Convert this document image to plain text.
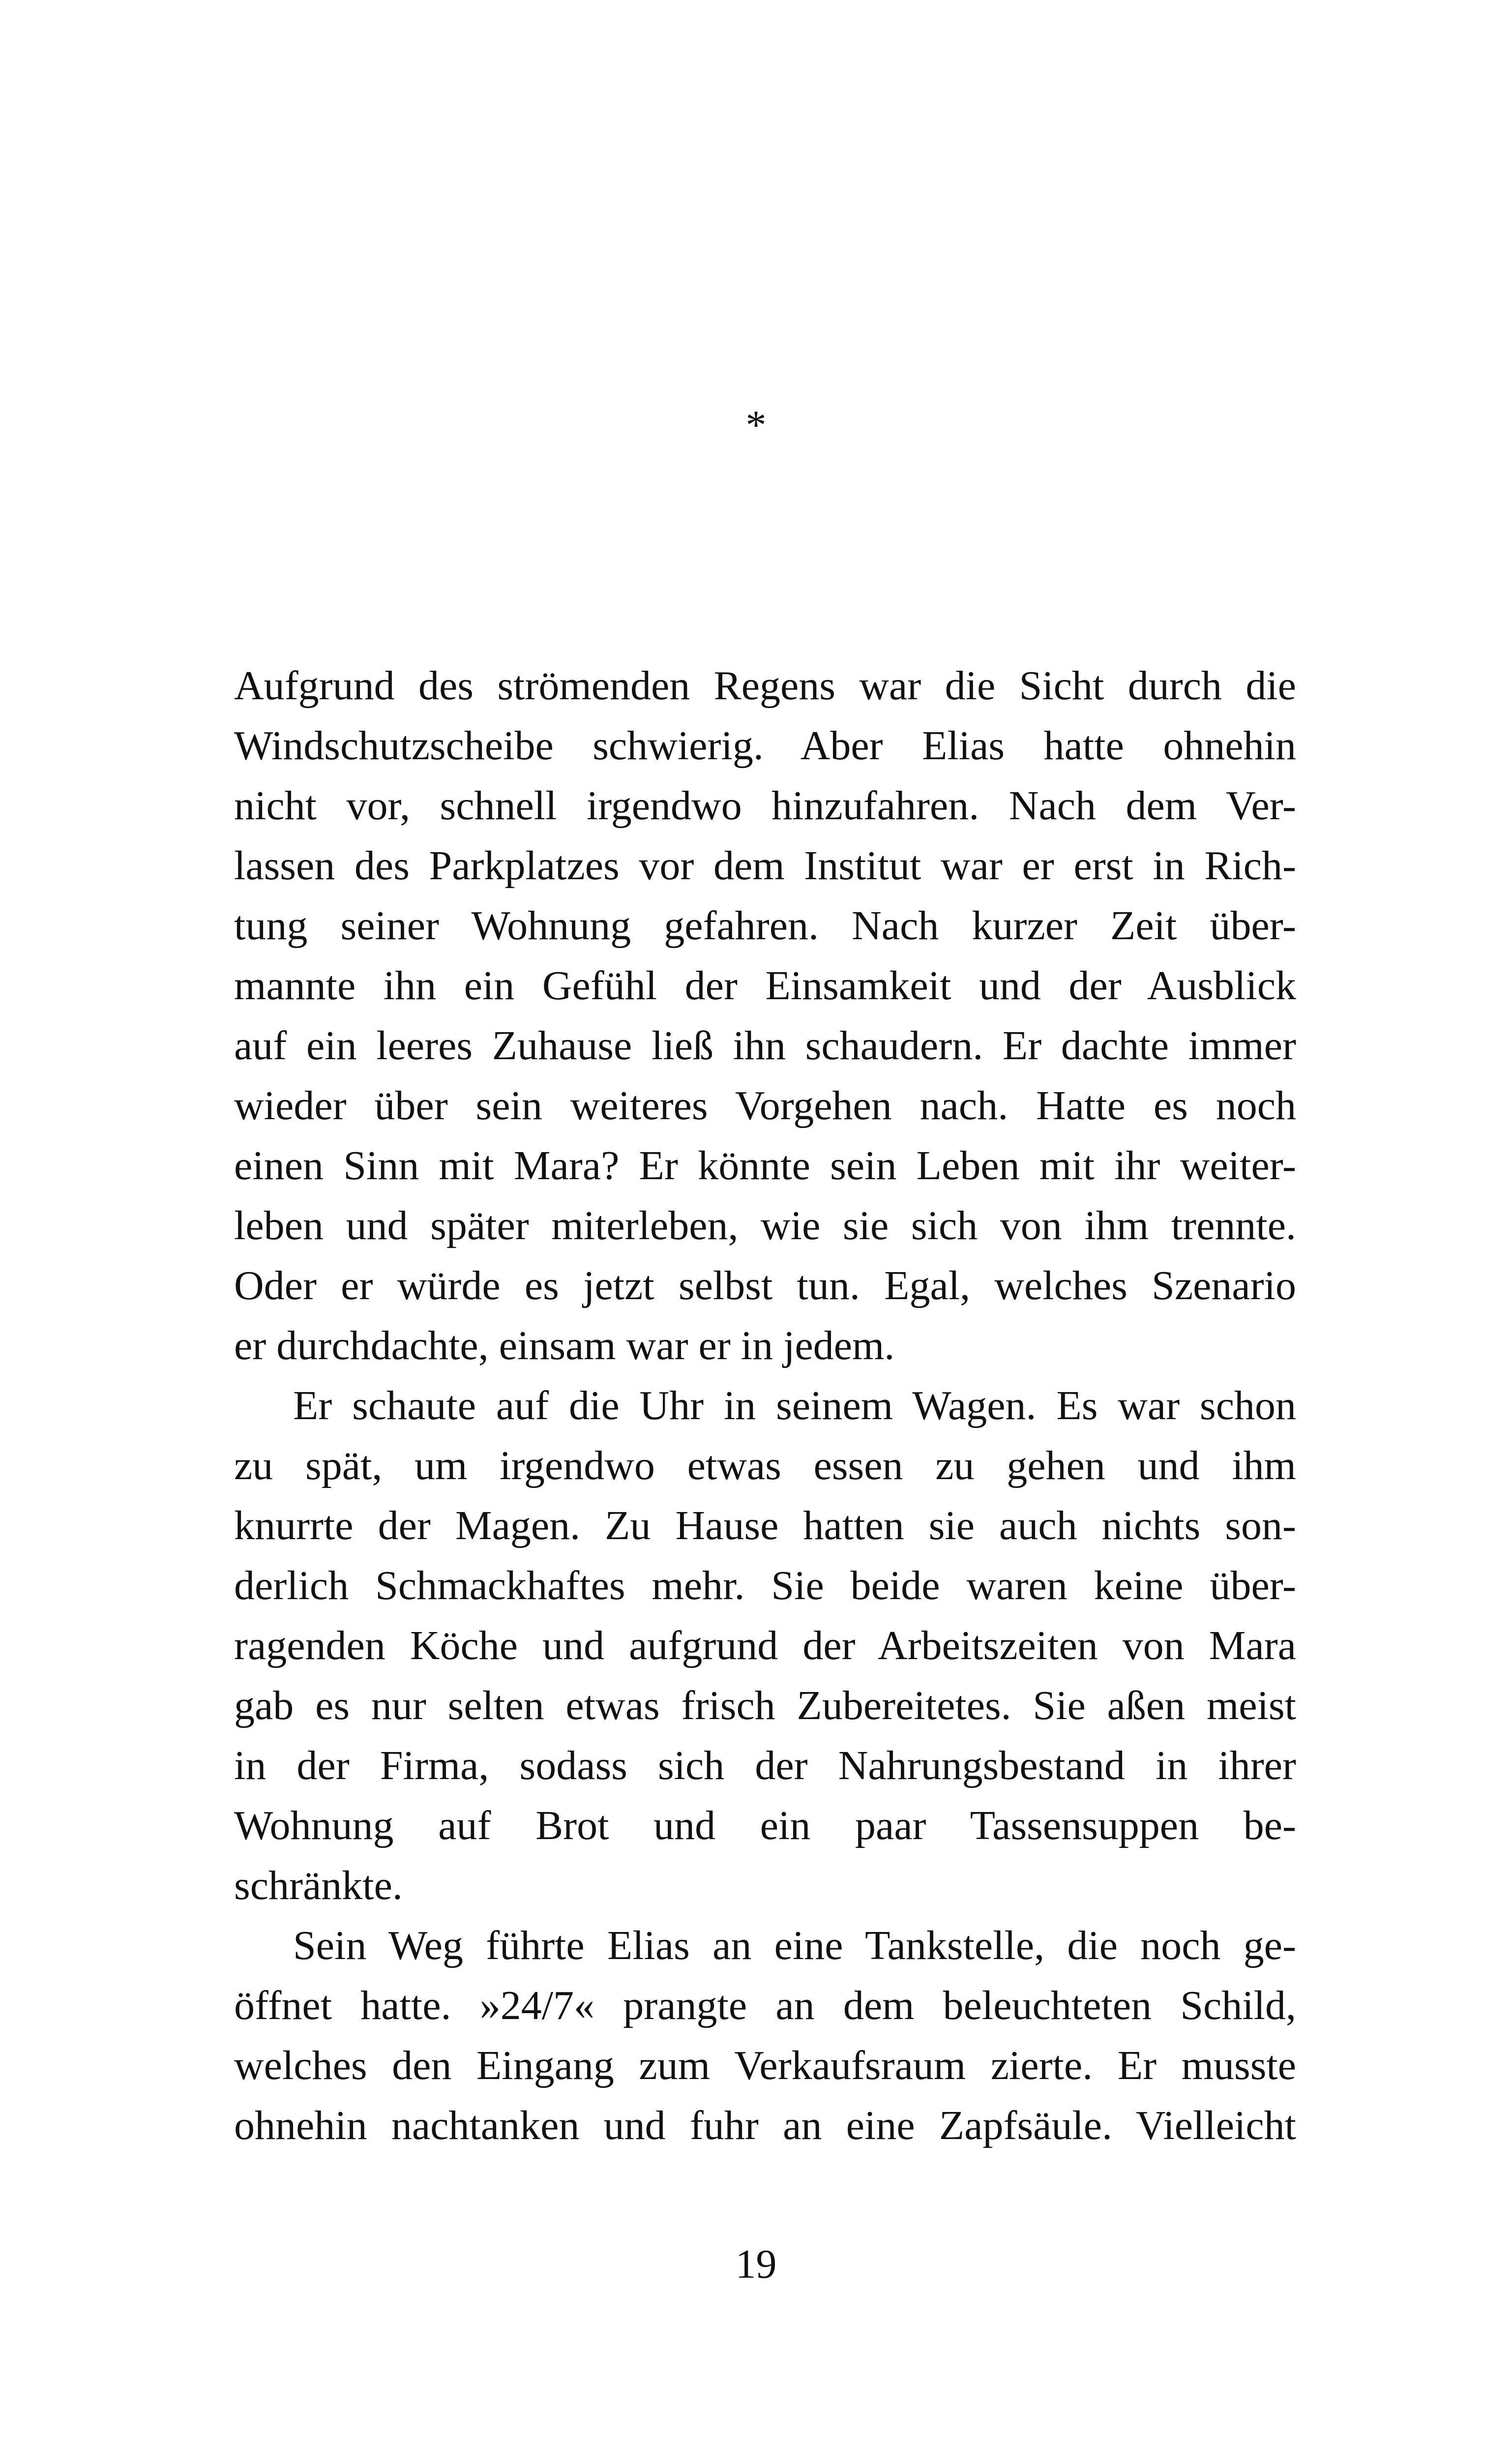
*
Aufgrund des strömenden Regens war die Sicht durch die
Windschutzscheibe schwierig. Aber Elias hatte ohnehin
nicht vor, schnell irgendwo hinzufahren. Nach dem Ver-
lassen des Parkplatzes vor dem Institut war er erst in Rich-
tung seiner Wohnung gefahren. Nach kurzer Zeit über-
mannte ihn ein Gefühl der Einsamkeit und der Ausblick
auf ein leeres Zuhause ließ ihn schaudern. Er dachte immer
wieder über sein weiteres Vorgehen nach. Hatte es noch
einen Sinn mit Mara? Er könnte sein Leben mit ihr weiter-
leben und später miterleben, wie sie sich von ihm trennte.
Oder er würde es jetzt selbst tun. Egal, welches Szenario
er durchdachte, einsam war er in jedem.
Er schaute auf die Uhr in seinem Wagen. Es war schon
zu spät, um irgendwo etwas essen zu gehen und ihm
knurrte der Magen. Zu Hause hatten sie auch nichts son-
derlich Schmackhaftes mehr. Sie beide waren keine über-
ragenden Köche und aufgrund der Arbeitszeiten von Mara
gab es nur selten etwas frisch Zubereitetes. Sie aßen meist
in der Firma, sodass sich der Nahrungsbestand in ihrer
Wohnung auf Brot und ein paar Tassensuppen be-
schränkte.
Sein Weg führte Elias an eine Tankstelle, die noch ge-
öffnet hatte. »24/7« prangte an dem beleuchteten Schild,
welches den Eingang zum Verkaufsraum zierte. Er musste
ohnehin nachtanken und fuhr an eine Zapfsäule. Vielleicht
19
